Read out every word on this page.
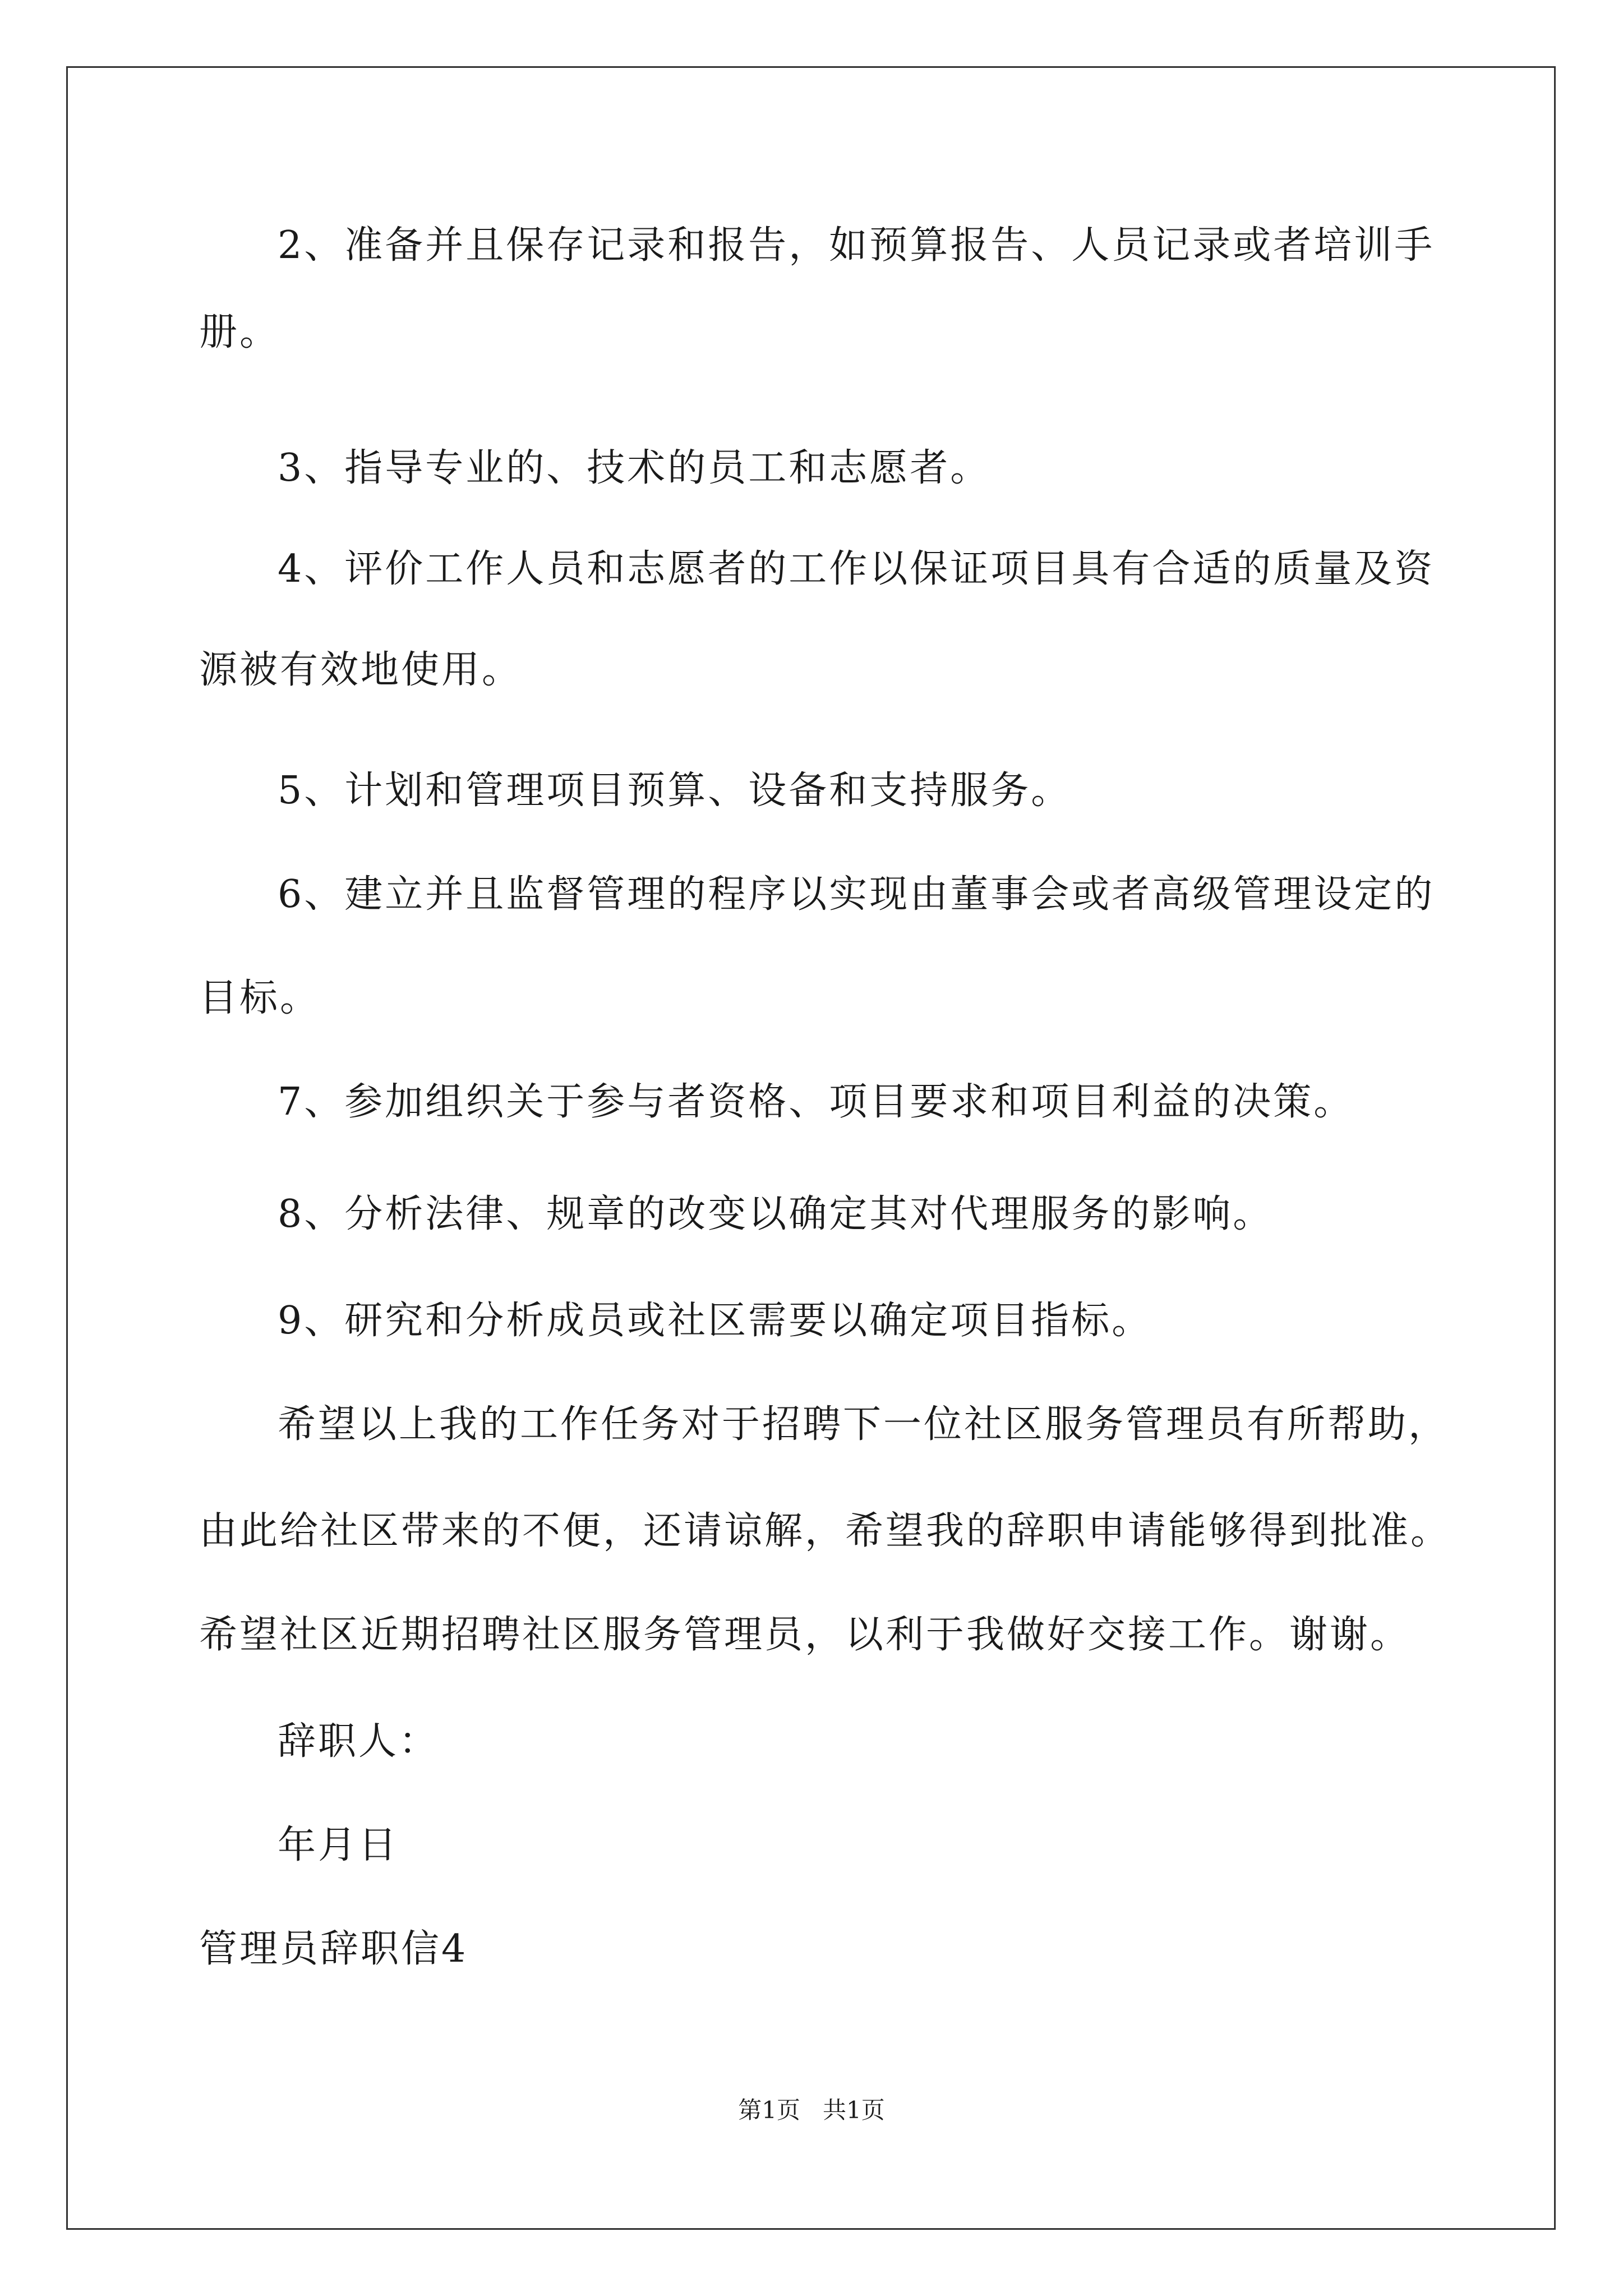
2、准备并且保存记录和报告，如预算报告、人员记录或者培训手
册。
3、指导专业的、技术的员工和志愿者。
4、评价工作人员和志愿者的工作以保证项目具有合适的质量及资
源被有效地使用。
5、计划和管理项目预算、设备和支持服务。
6、建立并且监督管理的程序以实现由董事会或者高级管理设定的
目标。
7、参加组织关于参与者资格、项目要求和项目利益的决策。
8、分析法律、规章的改变以确定其对代理服务的影响。
9、研究和分析成员或社区需要以确定项目指标。
希望以上我的工作任务对于招聘下一位社区服务管理员有所帮助，
由此给社区带来的不便，还请谅解，希望我的辞职申请能够得到批准。
希望社区近期招聘社区服务管理员，以利于我做好交接工作。谢谢。
辞职人：
年月日
管理员辞职信4
第1页   共1页
